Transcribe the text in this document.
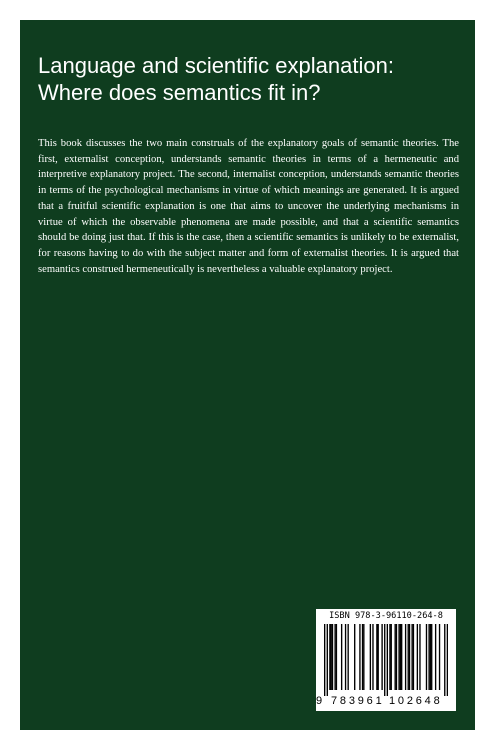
Language and scientific explanation:
Where does semantics fit in?

This book discusses the two main construals of the explanatory goals of semantic theories. The first, externalist conception, understands semantic theories in terms of a hermeneutic and interpretive explanatory project. The second, internalist conception, understands semantic theories in terms of the psychological mechanisms in virtue of which meanings are generated. It is argued that a fruitful scientific explanation is one that aims to uncover the underlying mechanisms in virtue of which the observable phenomena are made possible, and that a scientific semantics should be doing just that. If this is the case, then a scientific semantics is unlikely to be externalist, for reasons having to do with the subject matter and form of externalist theories. It is argued that semantics construed hermeneutically is nevertheless a valuable explanatory project.

ISBN 978-3-96110-264-8
9 783961 102648
